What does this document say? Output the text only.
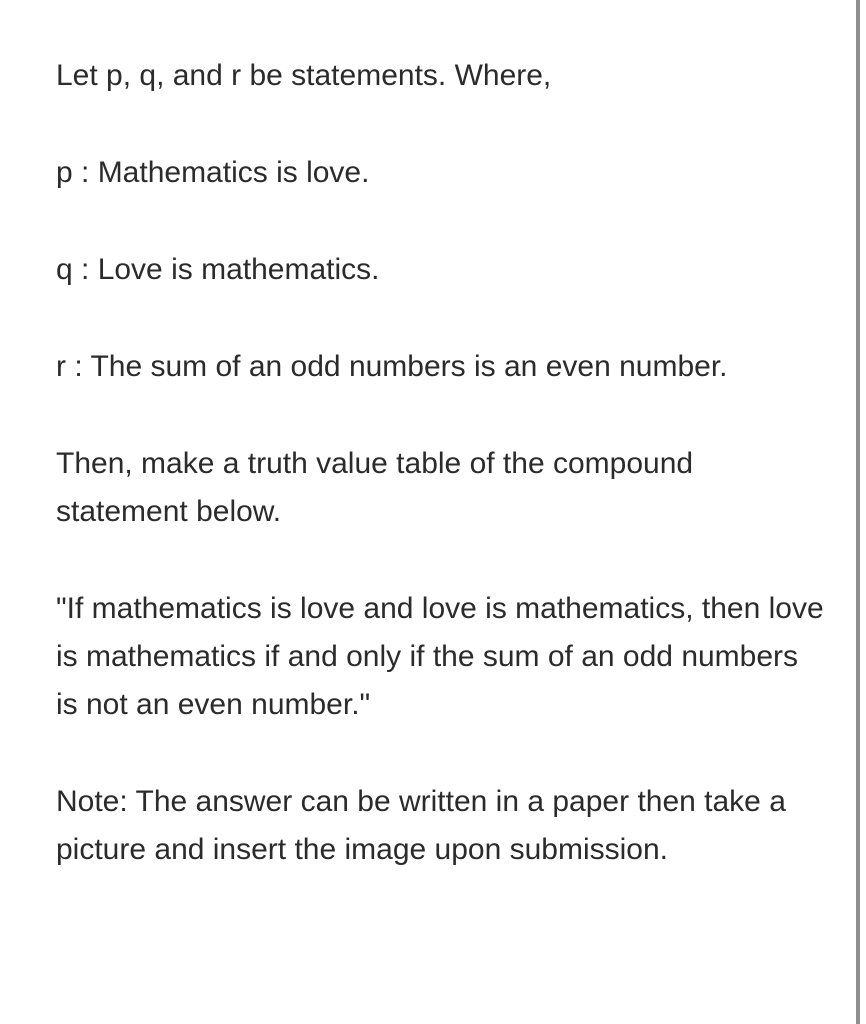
Let p, q, and r be statements. Where,

p : Mathematics is love.

q : Love is mathematics.

r : The sum of an odd numbers is an even number.

Then, make a truth value table of the compound statement below.

"If mathematics is love and love is mathematics, then love is mathematics if and only if the sum of an odd numbers is not an even number."

Note: The answer can be written in a paper then take a picture and insert the image upon submission.
